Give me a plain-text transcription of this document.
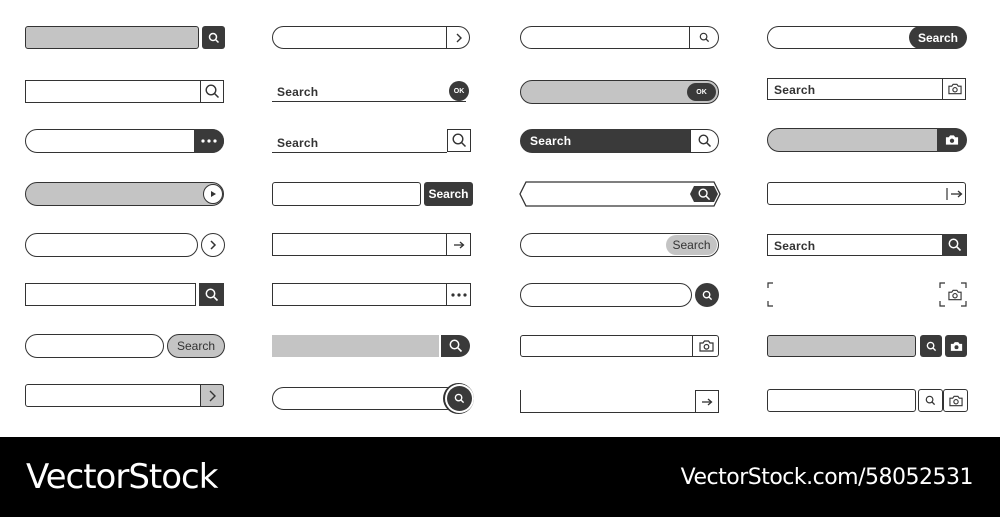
Search
Search	OK
Search
Search
OK
Search
Search
Search
Search
Search
VectorStock	VectorStock.com/58052531
